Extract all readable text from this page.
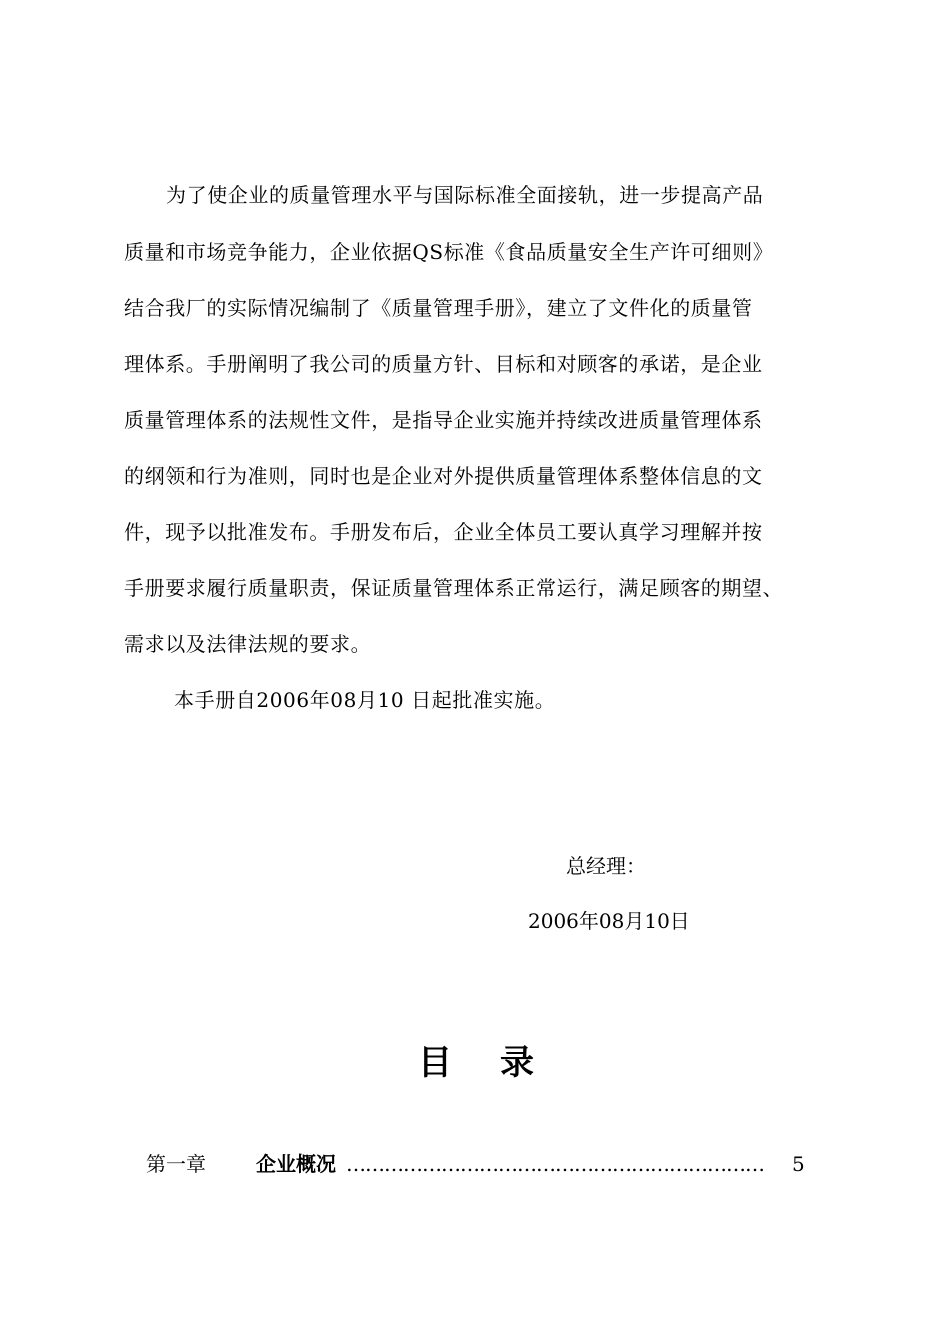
为了使企业的质量管理水平与国际标准全面接轨，进一步提高产品
质量和市场竞争能力，企业依据QS标准《食品质量安全生产许可细则》
结合我厂的实际情况编制了《质量管理手册》，建立了文件化的质量管
理体系。手册阐明了我公司的质量方针、目标和对顾客的承诺，是企业
质量管理体系的法规性文件，是指导企业实施并持续改进质量管理体系
的纲领和行为准则，同时也是企业对外提供质量管理体系整体信息的文
件，现予以批准发布。手册发布后，企业全体员工要认真学习理解并按
手册要求履行质量职责，保证质量管理体系正常运行，满足顾客的期望、
需求以及法律法规的要求。
本手册自2006年08月10 日起批准实施。
总经理：
2006年08月10日
目录
第一章	企业概况 …………………………………………………………	5
